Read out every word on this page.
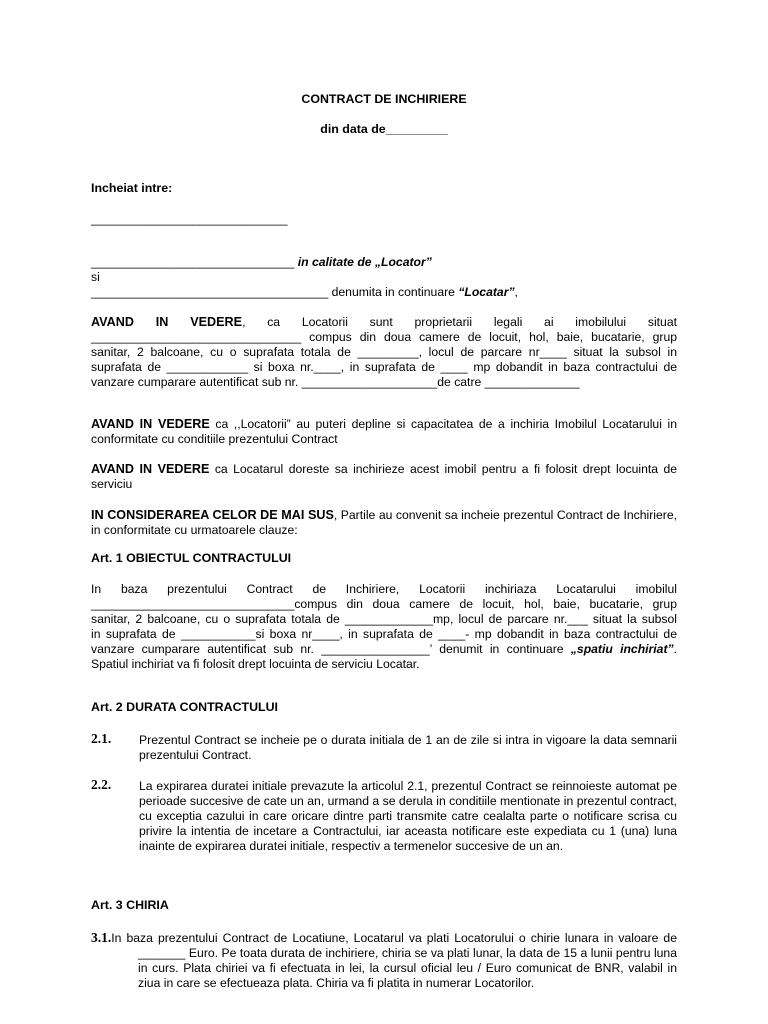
CONTRACT DE INCHIRIERE
din data de_________
Incheiat intre:
_____________________________
______________________________ in calitate de „Locator”
si
___________________________________ denumita in continuare “Locatar”,
AVAND IN VEDERE, ca Locatorii sunt proprietarii legali ai imobilului situat
_______________________________ compus din doua camere de locuit, hol, baie, bucatarie, grup
sanitar, 2 balcoane, cu o suprafata totala de _________, locul de parcare nr____ situat la subsol in
suprafata de ____________ si boxa nr.____, in suprafata de ____ mp dobandit in baza contractului de
vanzare cumparare autentificat sub nr. ____________________de catre ______________
AVAND IN VEDERE ca ,,Locatorii” au puteri depline si capacitatea de a inchiria Imobilul Locatarului in conformitate cu conditiile prezentului Contract
AVAND IN VEDERE ca Locatarul doreste sa inchirieze acest imobil pentru a fi folosit drept locuinta de serviciu
IN CONSIDERAREA CELOR DE MAI SUS, Partile au convenit sa incheie prezentul Contract de Inchiriere, in conformitate cu urmatoarele clauze:
Art. 1 OBIECTUL CONTRACTULUI
In baza prezentului Contract de Inchiriere, Locatorii inchiriaza Locatarului imobilul
______________________________compus din doua camere de locuit, hol, baie, bucatarie, grup
sanitar, 2 balcoane, cu o suprafata totala de _____________mp, locul de parcare nr.___ situat la subsol
in suprafata de ___________si boxa nr____, in suprafata de ____- mp dobandit in baza contractului de
vanzare cumparare autentificat sub nr. ________________’ denumit in continuare „spatiu inchiriat”.
Spatiul inchiriat va fi folosit drept locuinta de serviciu Locatar.
Art. 2 DURATA CONTRACTULUI
2.1. Prezentul Contract se incheie pe o durata initiala de 1 an de zile si intra in vigoare la data semnarii prezentului Contract.
2.2. La expirarea duratei initiale prevazute la articolul 2.1, prezentul Contract se reinnoieste automat pe perioade succesive de cate un an, urmand a se derula in conditiile mentionate in prezentul contract, cu exceptia cazului in care oricare dintre parti transmite catre cealalta parte o notificare scrisa cu privire la intentia de incetare a Contractului, iar aceasta notificare este expediata cu 1 (una) luna inainte de expirarea duratei initiale, respectiv a termenelor succesive de un an.
Art. 3 CHIRIA
3.1.In baza prezentului Contract de Locatiune, Locatarul va plati Locatorului o chirie lunara in valoare de
_______ Euro. Pe toata durata de inchiriere, chiria se va plati lunar, la data de 15 a lunii pentru luna in curs. Plata chiriei va fi efectuata in lei, la cursul oficial leu / Euro comunicat de BNR, valabil in ziua in care se efectueaza plata. Chiria va fi platita in numerar Locatorilor.
